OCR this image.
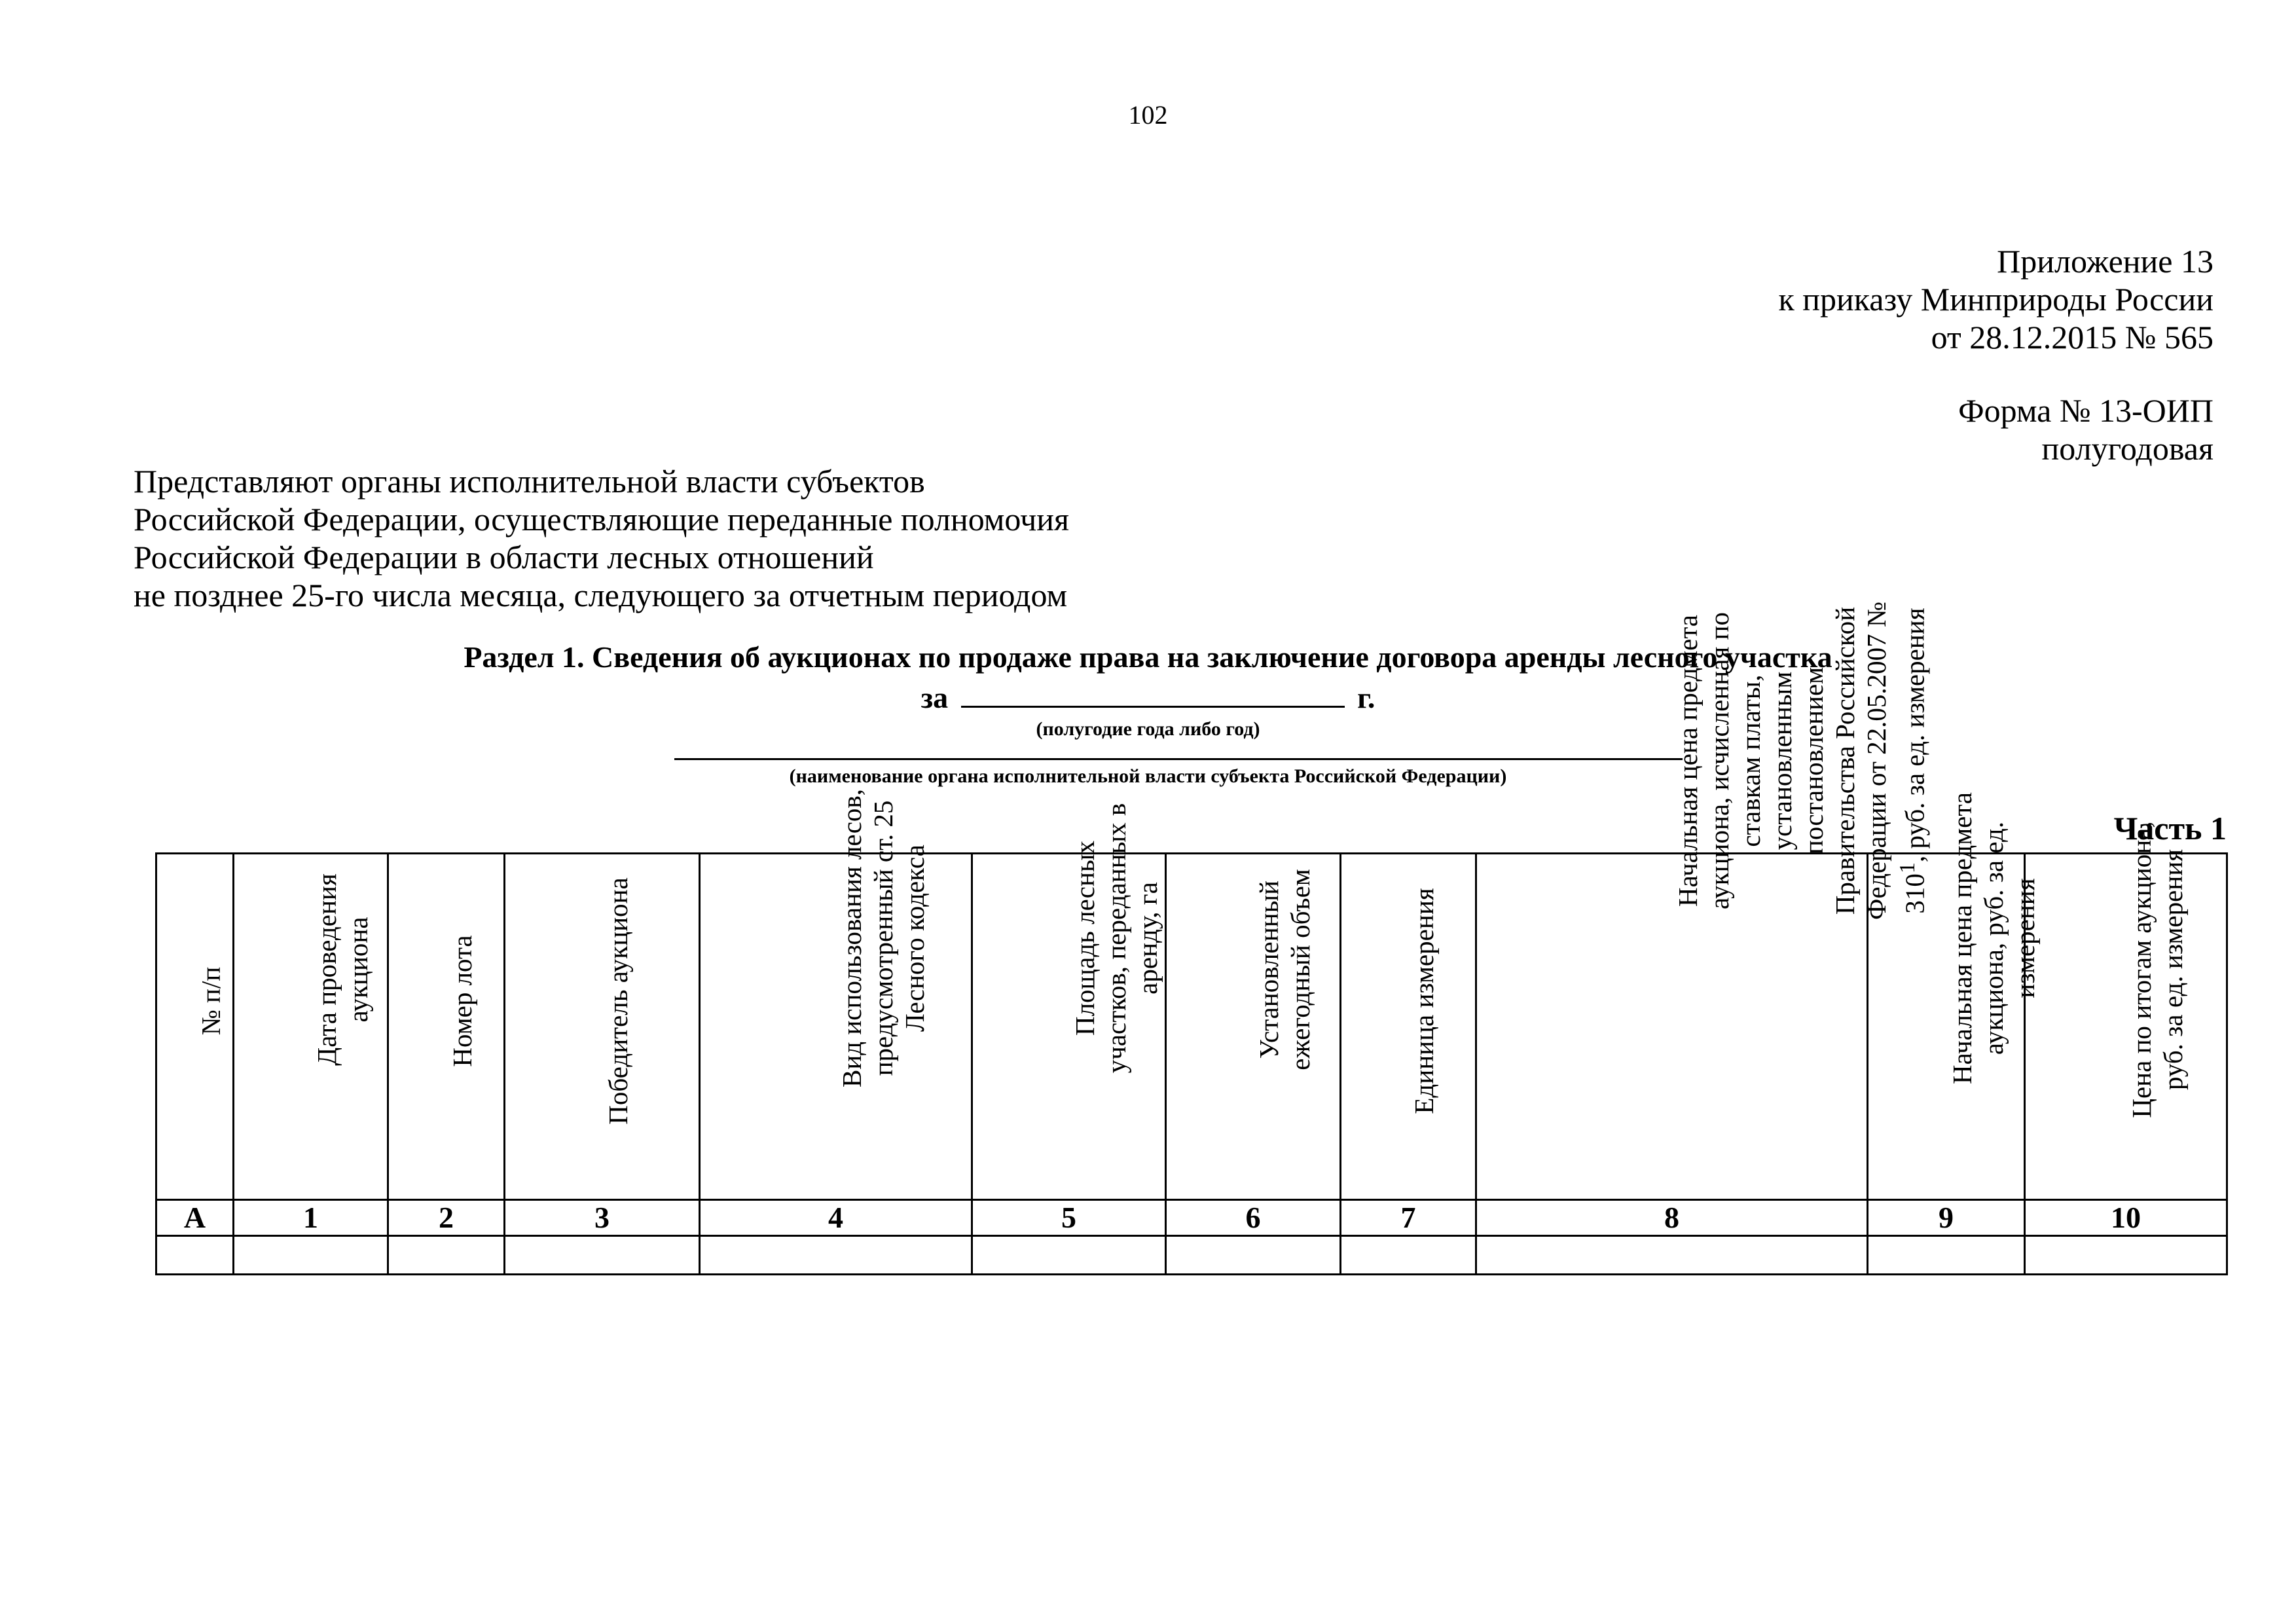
102
Приложение 13
к приказу Минприроды России
от 28.12.2015 № 565
Форма № 13-ОИП
полугодовая
Представляют органы исполнительной власти субъектов
Российской Федерации, осуществляющие переданные полномочия
Российской Федерации в области лесных отношений
не позднее 25-го числа месяца, следующего за отчетным периодом
Раздел 1. Сведения об аукционах по продаже права на заключение договора аренды лесного участка
за	г.
(полугодие года либо год)
(наименование органа исполнительной власти субъекта Российской Федерации)
Часть 1
№ п/п	Дата проведения аукциона	Номер лота	Победитель аукциона	Вид использования лесов, предусмотренный ст. 25 Лесного кодекса	Площадь лесных участков, переданных в аренду, га	Установленный ежегодный объем	Единица измерения	Начальная цена предмета аукциона, исчисленная по ставкам платы, установленным постановлением Правительства Российской Федерации от 22.05.2007 № $310^1$, руб. за ед. измерения	Начальная цена предмета аукциона, руб. за ед. измерения	Цена по итогам аукциона, руб. за ед. измерения

А	1	2	3	4	5	6	7	8	9	10
